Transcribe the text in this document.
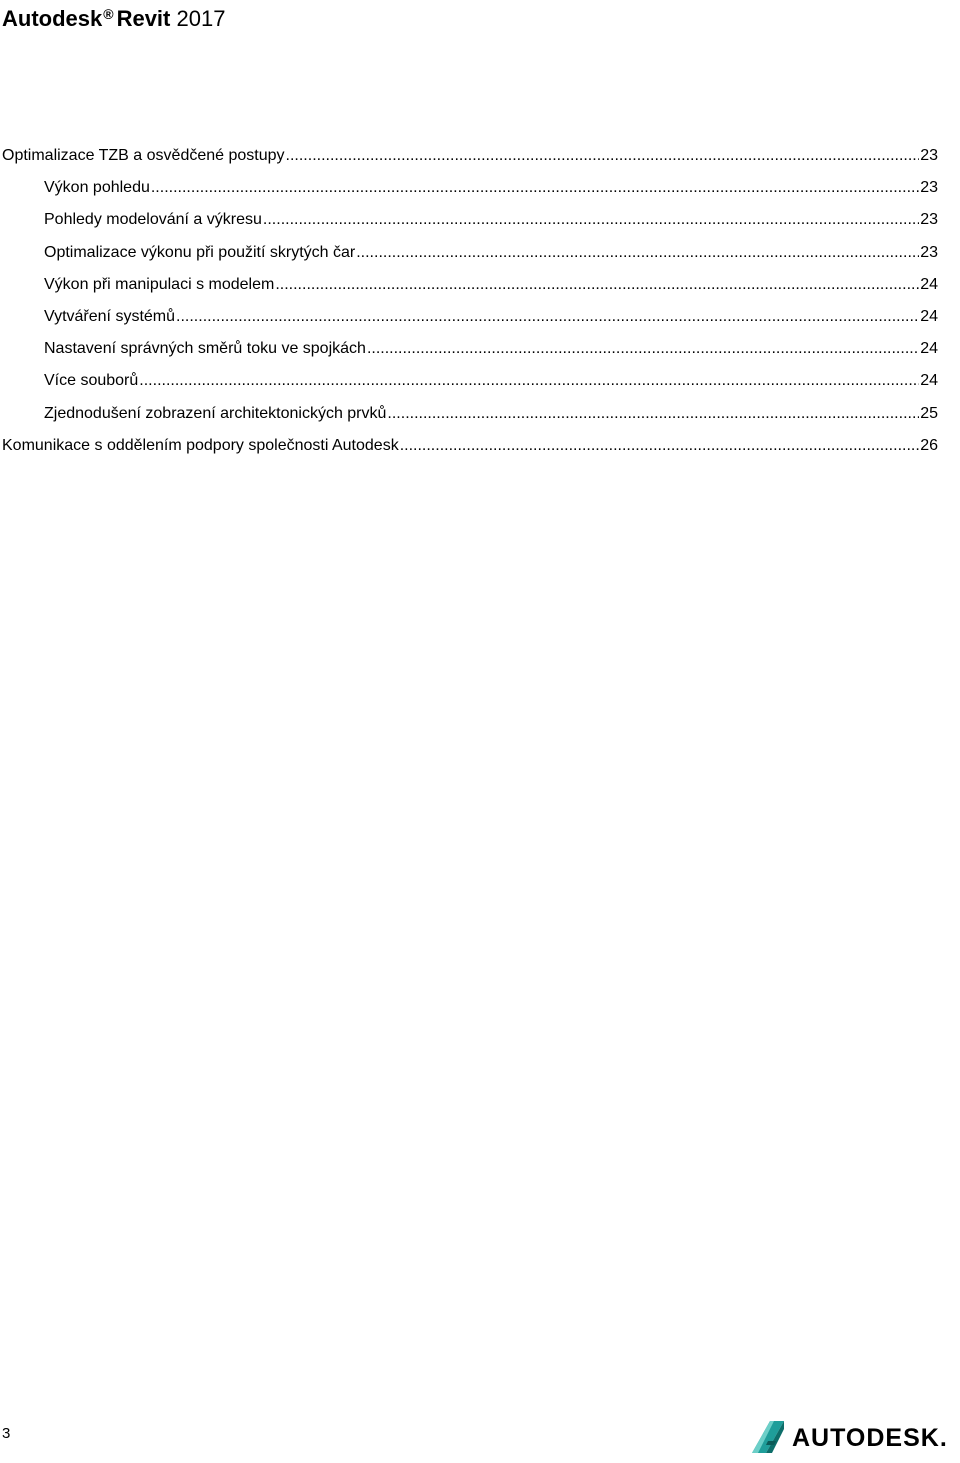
Autodesk® Revit 2017
Optimalizace TZB a osvědčené postupy .....	23
Výkon pohledu .....	23
Pohledy modelování a výkresu .....	23
Optimalizace výkonu při použití skrytých čar .....	23
Výkon při manipulaci s modelem .....	24
Vytváření systémů .....	24
Nastavení správných směrů toku ve spojkách .....	24
Více souborů .....	24
Zjednodušení zobrazení architektonických prvků .....	25
Komunikace s oddělením podpory společnosti Autodesk .....	26
3	AUTODESK.
